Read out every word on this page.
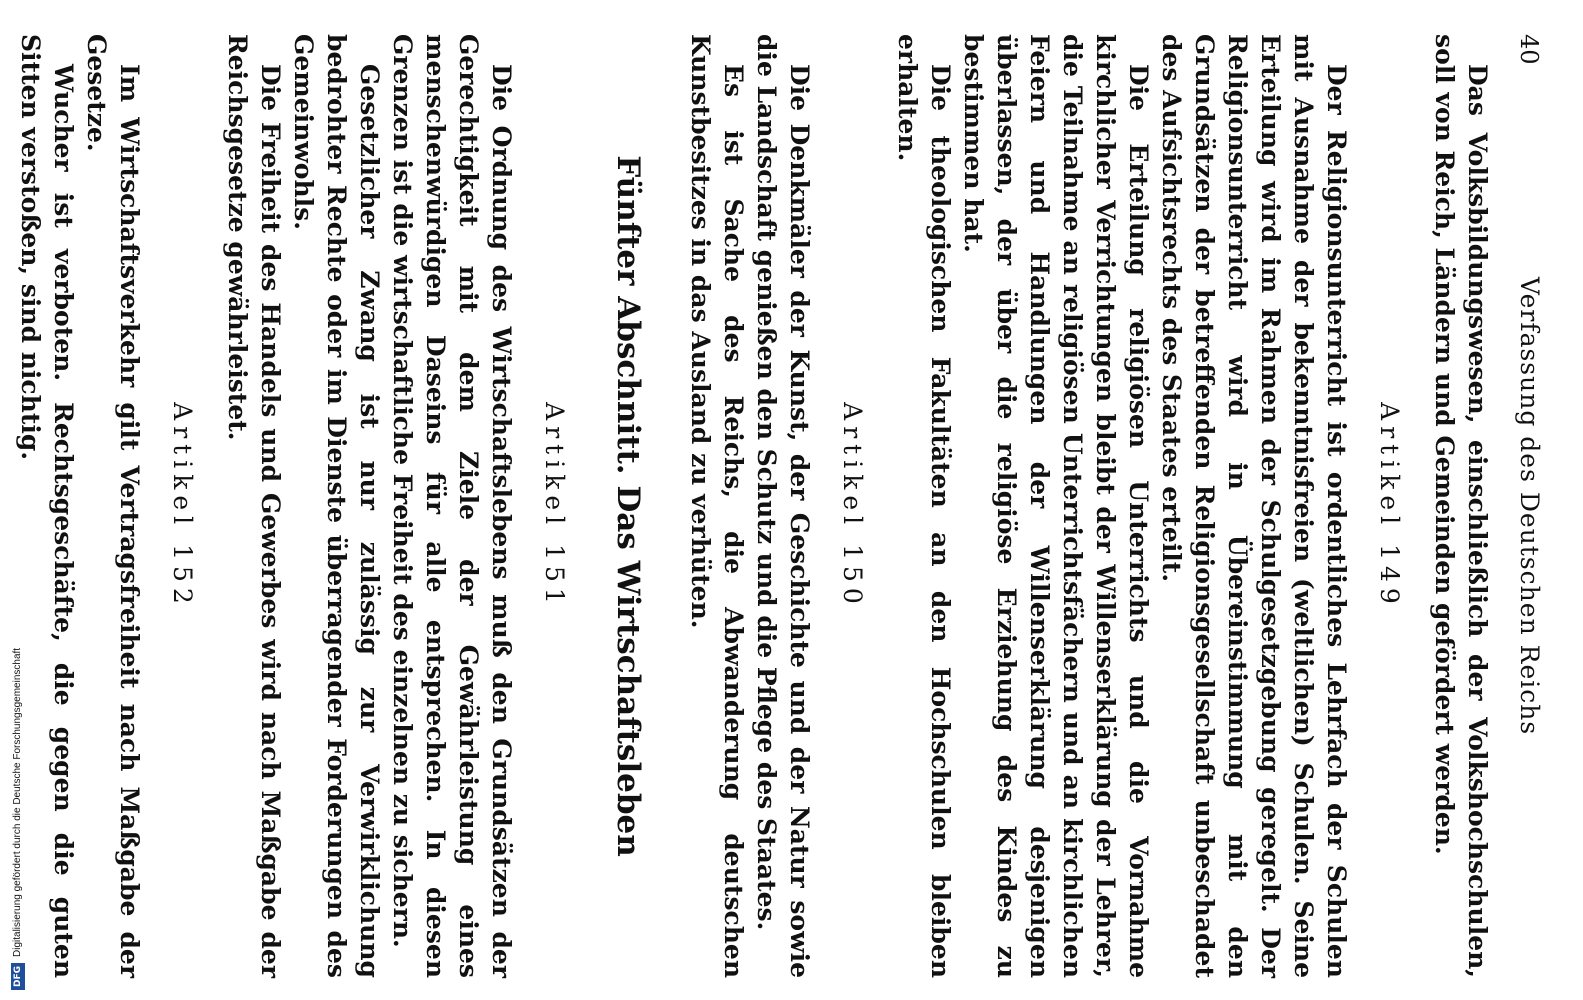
DFG
Digitalisierung gefördert durch die Deutsche Forschungsgemeinschaft
40
Verfassung des Deutschen Reichs

Das Volksbildungswesen, einschließlich der Volkshochschulen, soll von Reich, Ländern und Gemeinden gefördert werden.

Artikel 149

Der Religionsunterricht ist ordentliches Lehrfach der Schulen mit Ausnahme der bekenntnisfreien (weltlichen) Schulen. Seine Erteilung wird im Rahmen der Schulgesetzgebung geregelt. Der Religionsunterricht wird in Übereinstimmung mit den Grundsätzen der betreffenden Religionsgesellschaft unbeschadet des Aufsichtsrechts des Staates erteilt.

Die Erteilung religiösen Unterrichts und die Vornahme kirchlicher Verrichtungen bleibt der Willenserklärung der Lehrer, die Teilnahme an religiösen Unterrichtsfächern und an kirchlichen Feiern und Handlungen der Willenserklärung desjenigen überlassen, der über die religiöse Erziehung des Kindes zu bestimmen hat.

Die theologischen Fakultäten an den Hochschulen bleiben erhalten.

Artikel 150

Die Denkmäler der Kunst, der Geschichte und der Natur sowie die Landschaft genießen den Schutz und die Pflege des Staates.

Es ist Sache des Reichs, die Abwanderung deutschen Kunstbesitzes in das Ausland zu verhüten.

Fünfter Abschnitt. Das Wirtschaftsleben
Artikel 151

Die Ordnung des Wirtschaftslebens muß den Grundsätzen der Gerechtigkeit mit dem Ziele der Gewährleistung eines menschenwürdigen Daseins für alle entsprechen. In diesen Grenzen ist die wirtschaftliche Freiheit des einzelnen zu sichern.

Gesetzlicher Zwang ist nur zulässig zur Verwirklichung bedrohter Rechte oder im Dienste überragender Forderungen des Gemeinwohls.

Die Freiheit des Handels und Gewerbes wird nach Maßgabe der Reichsgesetze gewährleistet.

Artikel 152

Im Wirtschaftsverkehr gilt Vertragsfreiheit nach Maßgabe der Gesetze.

Wucher ist verboten. Rechtsgeschäfte, die gegen die guten Sitten verstoßen, sind nichtig.
